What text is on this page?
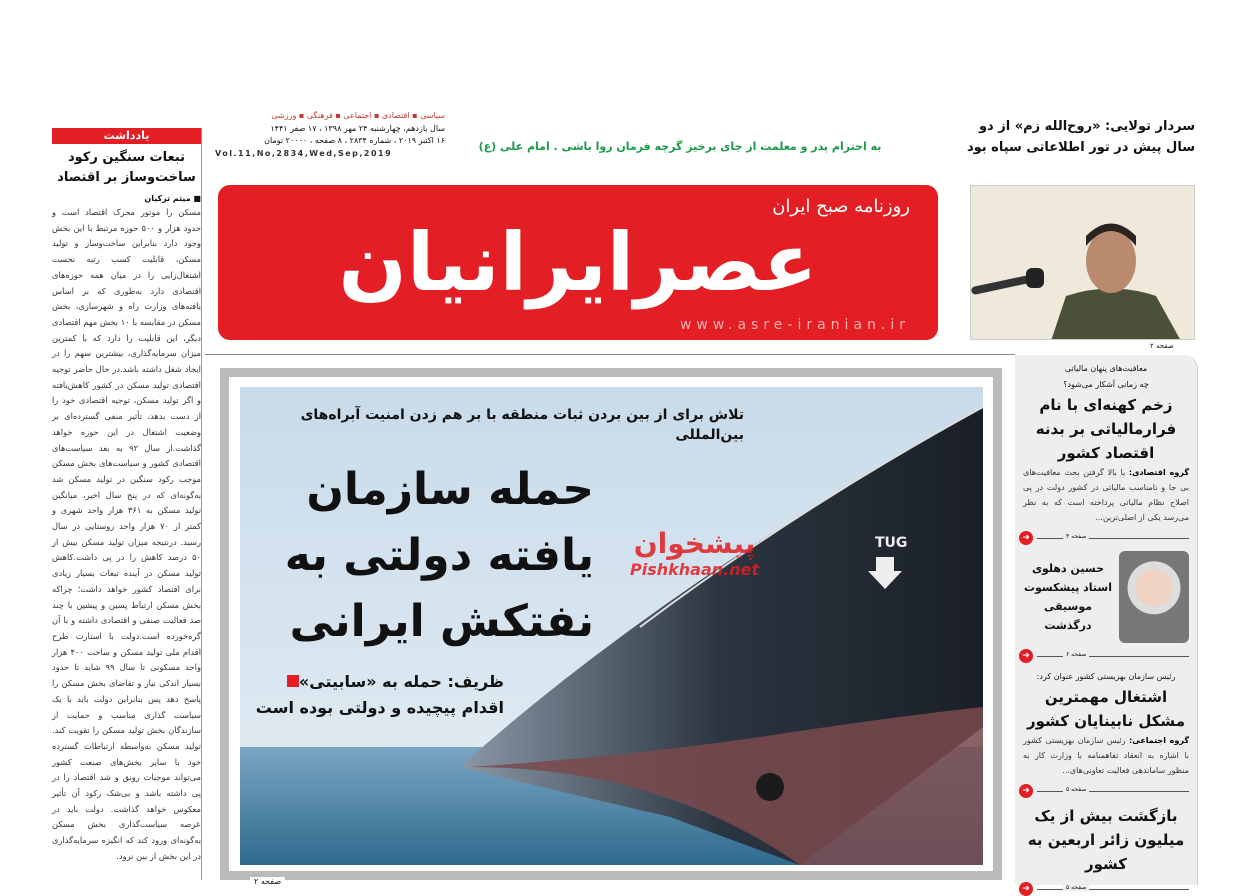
یادداشت
تبعات سنگین رکود ساخت‌وساز بر اقتصاد
■ میثم ترکیان
مسکن را موتور محرک اقتصاد است و حدود هزار و ۵۰۰ حوزه مرتبط با این بخش وجود دارد بنابراین ساخت‌وساز و تولید مسکن، قابلیت کسب رتبه نخست اشتغال‌زایی را در میان همه حوزه‌های اقتصادی دارد به‌طوری که بر اساس یافته‌های وزارت راه و شهرسازی، بخش مسکن در مقایسه با ۱۰ بخش مهم اقتصادی دیگر، این قابلیت را دارد که با کمترین میزان سرمایه‌گذاری، بیشترین سهم را در ایجاد شغل داشته باشد.در حال حاضر توجیه اقتصادی تولید مسکن در کشور کاهش‌یافته و اگر تولید مسکن، توجیه اقتصادی خود را از دست بدهد، تأثیر منفی گسترده‌ای بر وضعیت اشتغال در این حوزه خواهد گذاشت.از سال ۹۲ به بعد سیاست‌های اقتصادی کشور و سیاست‌های بخش مسکن موجب رکود سنگین در تولید مسکن شد به‌گونه‌ای که در پنج سال اخیر، میانگین تولید مسکن به ۳۶۱ هزار واحد شهری و کمتر از ۷۰ هزار واحد روستایی در سال رسید. درنتیجه میزان تولید مسکن بیش از ۵۰ درصد کاهش را در پی داشت.کاهش تولید مسکن در آینده تبعات بسیار زیادی برای اقتصاد کشور خواهد داشت؛ چراکه بخش مسکن ارتباط پسین و پیشین با چند صد فعالیت صنفی و اقتصادی داشته و با آن گره‌خورده است.دولت با استارت طرح اقدام ملی تولید مسکن و ساخت ۴۰۰ هزار واحد مسکونی تا سال ۹۹ شاید تا حدود بسیار اندکی نیاز و تقاضای بخش مسکن را پاسخ دهد پس بنابراین دولت باید با یک سیاست گذاری مناسب و حمایت از سازندگان بخش تولید مسکن را تقویت کند. تولید مسکن به‌واسطه ارتباطات گسترده خود با سایر بخش‌های صنعت کشور می‌تواند موجبات رونق و شد اقتصاد را در پی داشته باشد و بی‌شک رکود آن تأثیر معکوس خواهد گذاشت. دولت باید در عرصه سیاست‌گذاری بخش مسکن به‌گونه‌ای ورود کند که انگیزه سرمایه‌گذاری در این بخش از بین نرود.
سیاسی ▪ اقتصادی ▪ اجتماعی ▪ فرهنگی ▪ ورزشی
سال یازدهم، چهارشنبه ۲۴ مهر ۱۳۹۸ ، ۱۷ صفر ۱۴۴۱
۱۶ اکتبر ۲۰۱۹ ، شماره ۲۸۳۴ ، ۸ صفحه ، ۲۰۰۰۰ تومان
Vol.11,No,2834,Wed,Sep,2019	به احترام پدر و معلمت از جای برخیز گرچه فرمان روا باشی . امام علی (ع)
سردار تولایی: «روح‌الله زم» از دو سال پیش در تور اطلاعاتی سپاه بود
روزنامه صبح ایران
عصرایرانیان
www.asre-iranian.ir
صفحه ۲
TUG
پیشخوان
Pishkhaan.net
تلاش برای از بین بردن ثبات منطقه با بر هم زدن امنیت آبراه‌های بین‌المللی
حمله سازمان یافته دولتی به نفتکش ایرانی
ظریف: حمله به «سابیتی»
اقدام پیچیده و دولتی بوده است
صفحه ۲
معافیت‌های پنهان مالیاتی
چه زمانی آشکار می‌شود؟
زخم کهنه‌ای با نام فرارمالیاتی بر بدنه اقتصاد کشور
گروه اقتصادی: با بالا گرفتن بحث معافیت‌های بی جا و نامناسب مالیاتی در کشور دولت در پی اصلاح نظام مالیاتی پرداخته است که به نظر می‌رسد یکی از اصلی‌ترین...
➜	صفحه ۴
حسین دهلوی استاد پیشکسوت موسیقی درگذشت
➜	صفحه ۶
رئیس سازمان بهزیستی کشور عنوان کرد:
اشتغال مهمترین مشکل نابینایان کشور
گروه اجتماعی: رئیس سازمان بهزیستی کشور با اشاره به انعقاد تفاهمنامه با وزارت کار به منظور ساماندهی فعالیت تعاونی‌های...
➜	صفحه ۵
بازگشت بیش از یک میلیون زائر اربعین به کشور
➜	صفحه ۵
